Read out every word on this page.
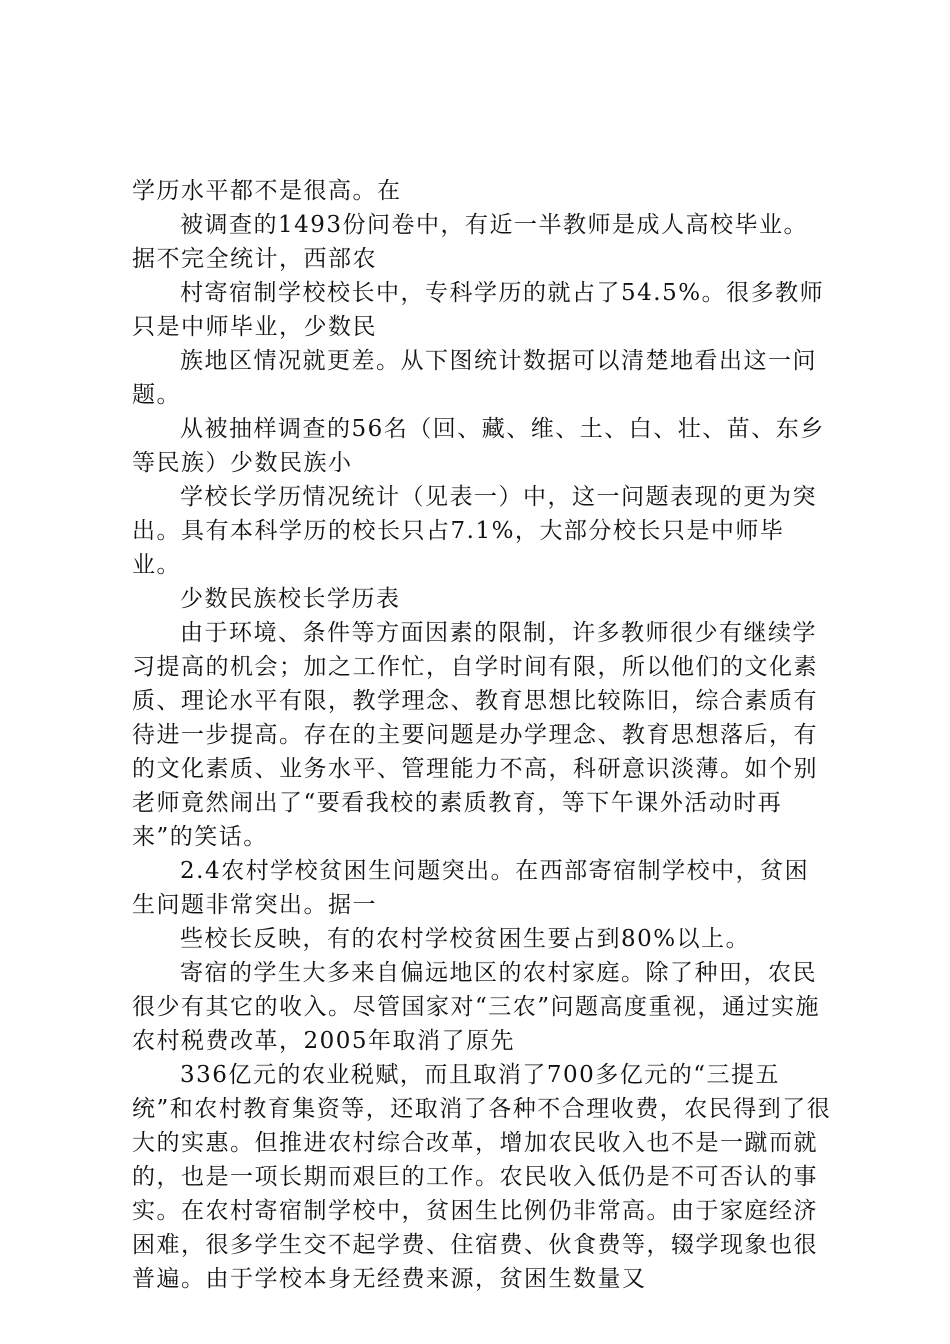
学历水平都不是很高。在

被调查的1493份问卷中，有近一半教师是成人高校毕业。据不完全统计，西部农

村寄宿制学校校长中，专科学历的就占了54.5%。很多教师只是中师毕业，少数民

族地区情况就更差。从下图统计数据可以清楚地看出这一问题。

从被抽样调查的56名（回、藏、维、土、白、壮、苗、东乡等民族）少数民族小

学校长学历情况统计（见表一）中，这一问题表现的更为突出。具有本科学历的校长只占7.1%，大部分校长只是中师毕业。

少数民族校长学历表

由于环境、条件等方面因素的限制，许多教师很少有继续学习提高的机会；加之工作忙，自学时间有限，所以他们的文化素质、理论水平有限，教学理念、教育思想比较陈旧，综合素质有待进一步提高。存在的主要问题是办学理念、教育思想落后，有的文化素质、业务水平、管理能力不高，科研意识淡薄。如个别老师竟然闹出了“要看我校的素质教育，等下午课外活动时再来”的笑话。

2.4农村学校贫困生问题突出。在西部寄宿制学校中，贫困生问题非常突出。据一

些校长反映，有的农村学校贫困生要占到80%以上。

寄宿的学生大多来自偏远地区的农村家庭。除了种田，农民很少有其它的收入。尽管国家对“三农”问题高度重视，通过实施农村税费改革，2005年取消了原先

336亿元的农业税赋，而且取消了700多亿元的“三提五统”和农村教育集资等，还取消了各种不合理收费，农民得到了很大的实惠。但推进农村综合改革，增加农民收入也不是一蹴而就的，也是一项长期而艰巨的工作。农民收入低仍是不可否认的事实。在农村寄宿制学校中，贫困生比例仍非常高。由于家庭经济困难，很多学生交不起学费、住宿费、伙食费等，辍学现象也很普遍。由于学校本身无经费来源，贫困生数量又
